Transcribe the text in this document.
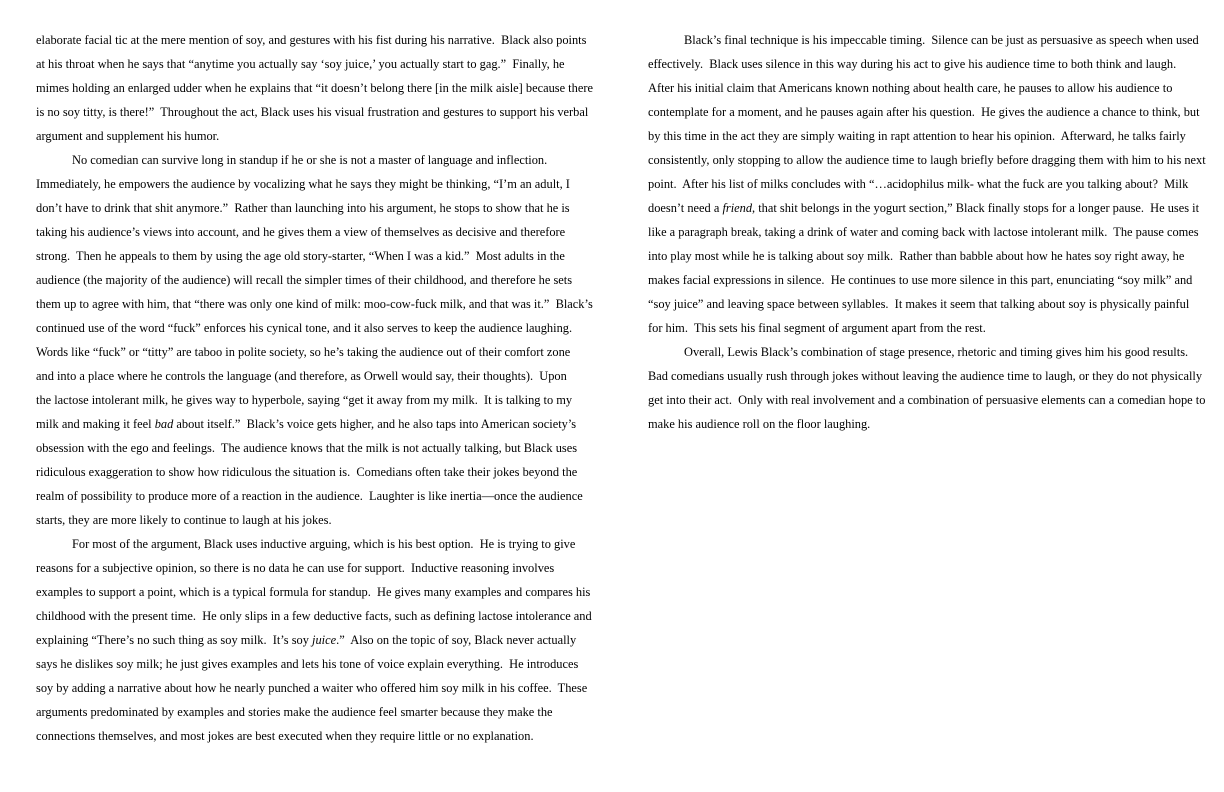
elaborate facial tic at the mere mention of soy, and gestures with his fist during his narrative.  Black also points
at his throat when he says that “anytime you actually say ‘soy juice,’ you actually start to gag.”  Finally, he
mimes holding an enlarged udder when he explains that “it doesn’t belong there [in the milk aisle] because there
is no soy titty, is there!”  Throughout the act, Black uses his visual frustration and gestures to support his verbal
argument and supplement his humor.
No comedian can survive long in standup if he or she is not a master of language and inflection.
Immediately, he empowers the audience by vocalizing what he says they might be thinking, “I’m an adult, I
don’t have to drink that shit anymore.”  Rather than launching into his argument, he stops to show that he is
taking his audience’s views into account, and he gives them a view of themselves as decisive and therefore
strong.  Then he appeals to them by using the age old story-starter, “When I was a kid.”  Most adults in the
audience (the majority of the audience) will recall the simpler times of their childhood, and therefore he sets
them up to agree with him, that “there was only one kind of milk: moo-cow-fuck milk, and that was it.”  Black’s
continued use of the word “fuck” enforces his cynical tone, and it also serves to keep the audience laughing.
Words like “fuck” or “titty” are taboo in polite society, so he’s taking the audience out of their comfort zone
and into a place where he controls the language (and therefore, as Orwell would say, their thoughts).  Upon
the lactose intolerant milk, he gives way to hyperbole, saying “get it away from my milk.  It is talking to my
milk and making it feel bad about itself.”  Black’s voice gets higher, and he also taps into American society’s
obsession with the ego and feelings.  The audience knows that the milk is not actually talking, but Black uses
ridiculous exaggeration to show how ridiculous the situation is.  Comedians often take their jokes beyond the
realm of possibility to produce more of a reaction in the audience.  Laughter is like inertia—once the audience
starts, they are more likely to continue to laugh at his jokes.
For most of the argument, Black uses inductive arguing, which is his best option.  He is trying to give
reasons for a subjective opinion, so there is no data he can use for support.  Inductive reasoning involves
examples to support a point, which is a typical formula for standup.  He gives many examples and compares his
childhood with the present time.  He only slips in a few deductive facts, such as defining lactose intolerance and
explaining “There’s no such thing as soy milk.  It’s soy juice.”  Also on the topic of soy, Black never actually
says he dislikes soy milk; he just gives examples and lets his tone of voice explain everything.  He introduces
soy by adding a narrative about how he nearly punched a waiter who offered him soy milk in his coffee.  These
arguments predominated by examples and stories make the audience feel smarter because they make the
connections themselves, and most jokes are best executed when they require little or no explanation.
Black’s final technique is his impeccable timing.  Silence can be just as persuasive as speech when used
effectively.  Black uses silence in this way during his act to give his audience time to both think and laugh.
After his initial claim that Americans known nothing about health care, he pauses to allow his audience to
contemplate for a moment, and he pauses again after his question.  He gives the audience a chance to think, but
by this time in the act they are simply waiting in rapt attention to hear his opinion.  Afterward, he talks fairly
consistently, only stopping to allow the audience time to laugh briefly before dragging them with him to his next
point.  After his list of milks concludes with “…acidophilus milk- what the fuck are you talking about?  Milk
doesn’t need a friend, that shit belongs in the yogurt section,” Black finally stops for a longer pause.  He uses it
like a paragraph break, taking a drink of water and coming back with lactose intolerant milk.  The pause comes
into play most while he is talking about soy milk.  Rather than babble about how he hates soy right away, he
makes facial expressions in silence.  He continues to use more silence in this part, enunciating “soy milk” and
“soy juice” and leaving space between syllables.  It makes it seem that talking about soy is physically painful
for him.  This sets his final segment of argument apart from the rest.
Overall, Lewis Black’s combination of stage presence, rhetoric and timing gives him his good results.
Bad comedians usually rush through jokes without leaving the audience time to laugh, or they do not physically
get into their act.  Only with real involvement and a combination of persuasive elements can a comedian hope to
make his audience roll on the floor laughing.
